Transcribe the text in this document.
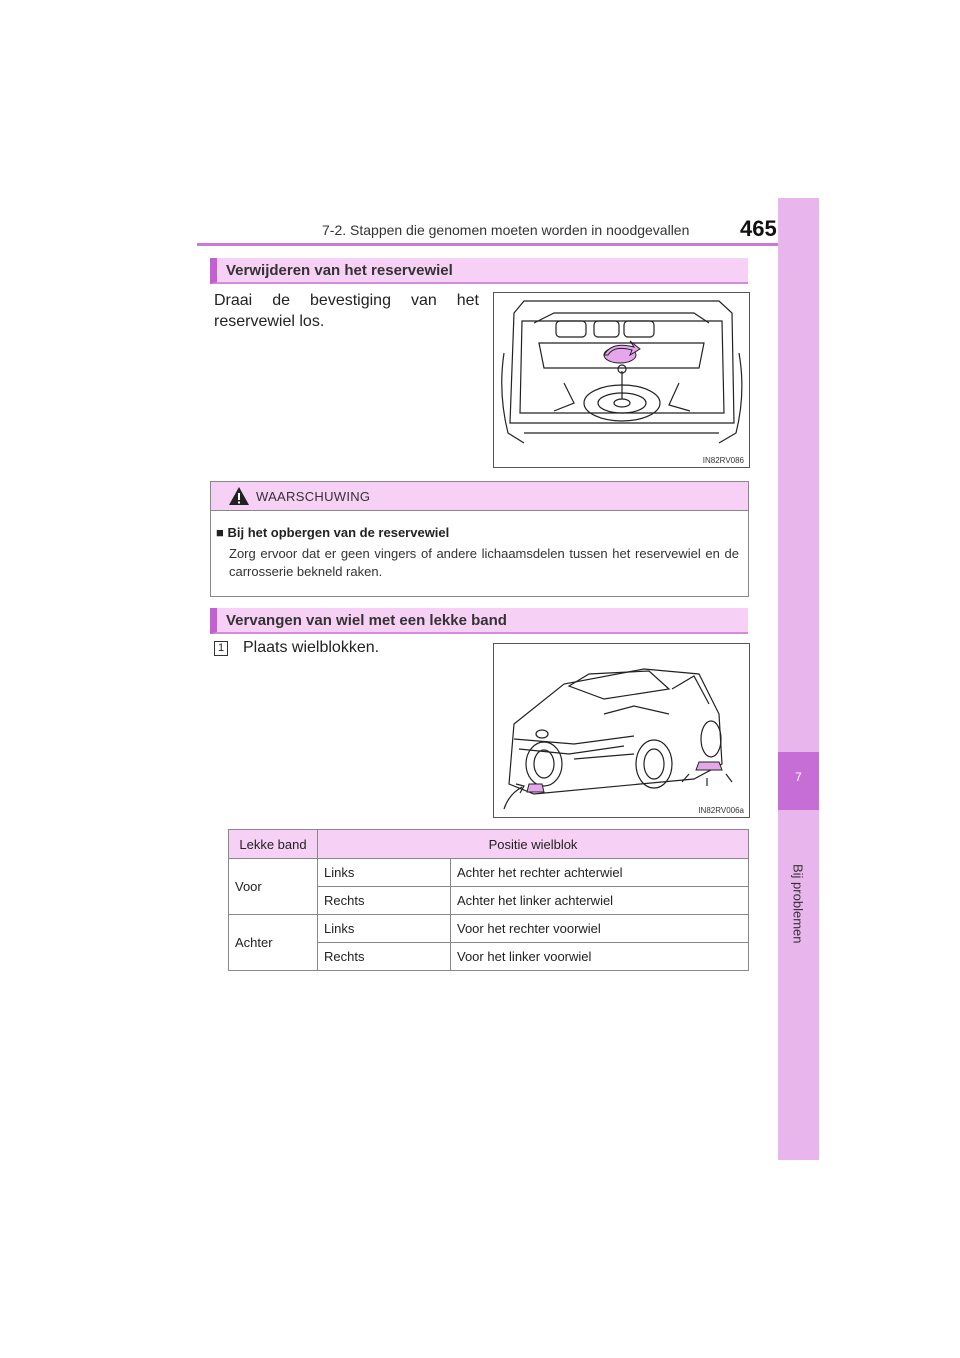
7-2. Stappen die genomen moeten worden in noodgevallen 465
7
Bij problemen
Verwijderen van het reservewiel
Draai de bevestiging van het
reservewiel los.
IN82RV086
WAARSCHUWING
■ Bij het opbergen van de reservewiel
Zorg ervoor dat er geen vingers of andere lichaamsdelen tussen het reservewiel en de carrosserie bekneld raken.
Vervangen van wiel met een lekke band
1 Plaats wielblokken.
IN82RV006a
Lekke band	Positie wielblok	
Voor	Links	Achter het rechter achterwiel
	Rechts	Achter het linker achterwiel
Achter	Links	Voor het rechter voorwiel
	Rechts	Voor het linker voorwiel
